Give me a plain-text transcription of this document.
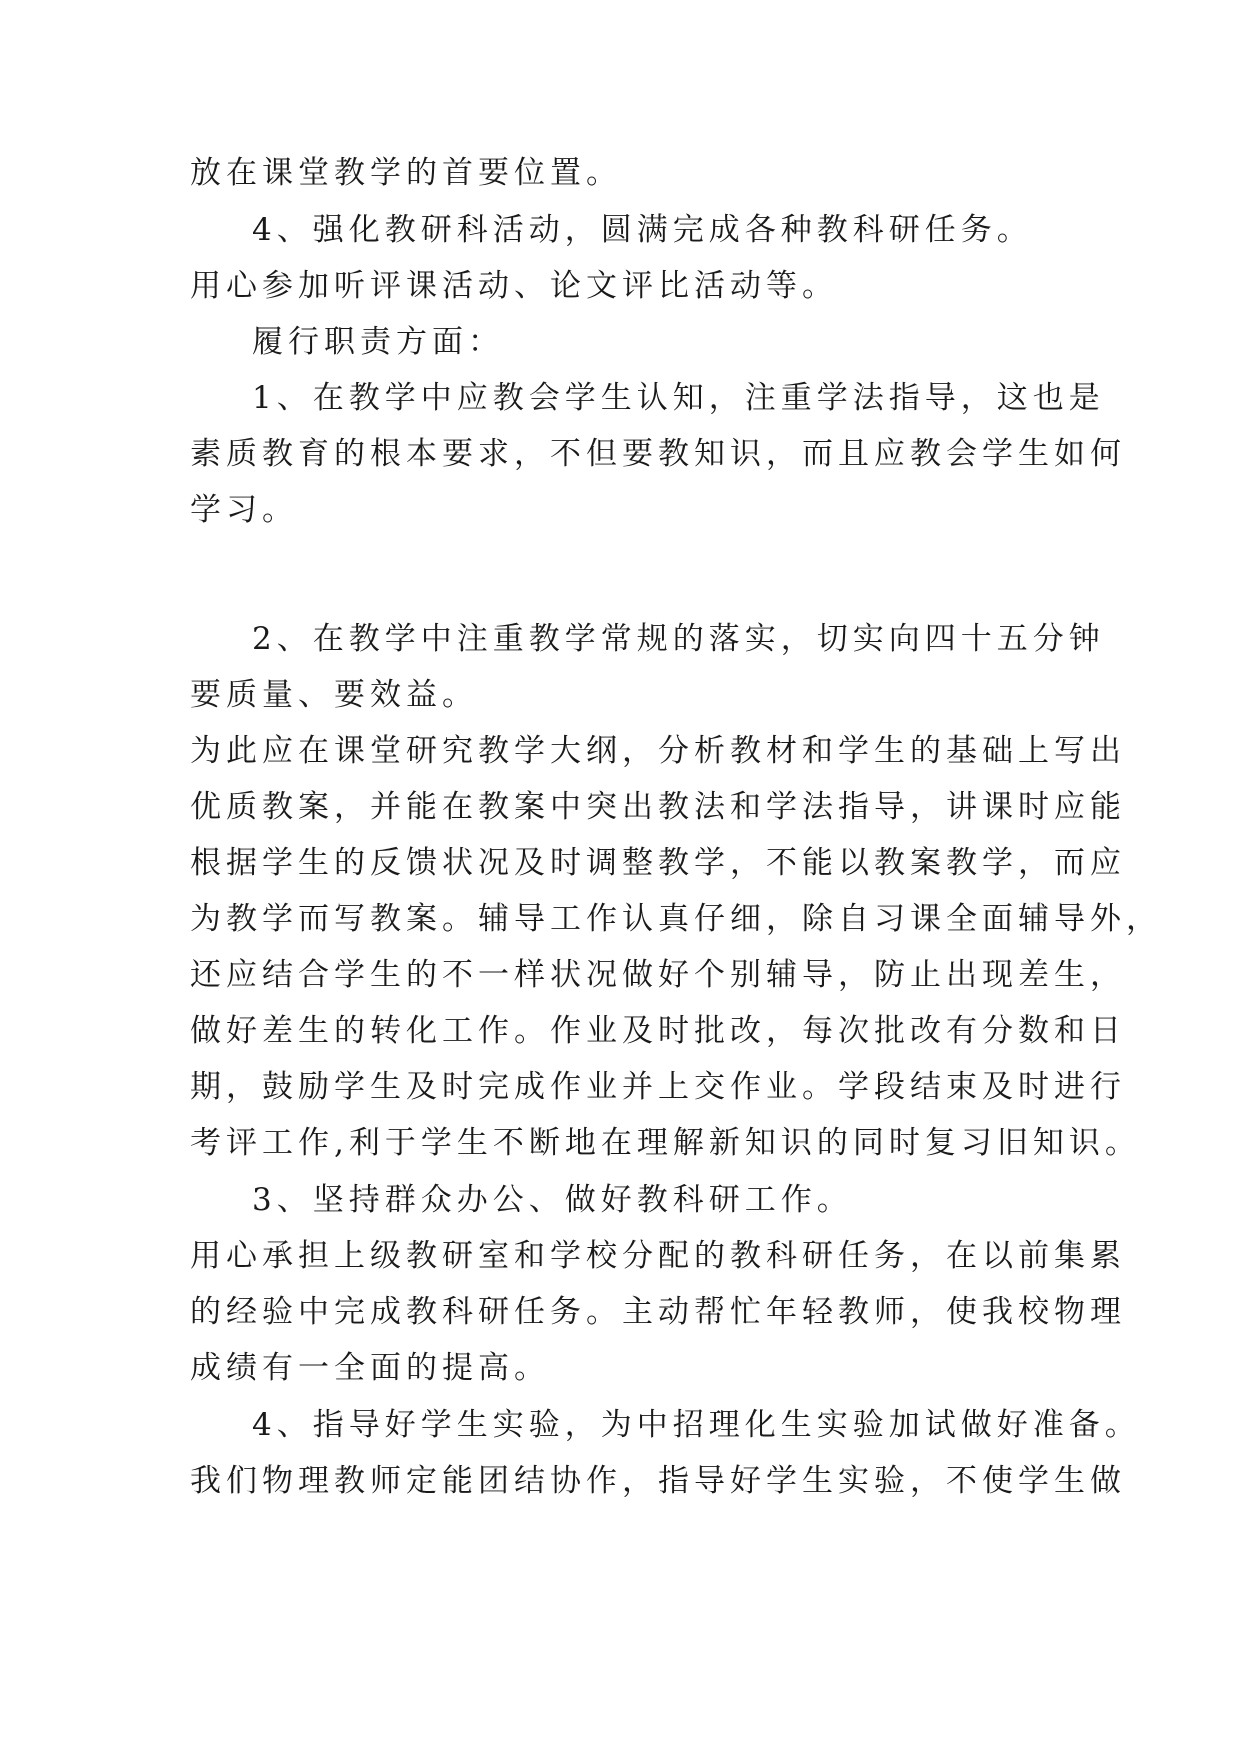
放在课堂教学的首要位置。

4、强化教研科活动，圆满完成各种教科研任务。

用心参加听评课活动、论文评比活动等。

履行职责方面：

1、在教学中应教会学生认知，注重学法指导，这也是

素质教育的根本要求，不但要教知识，而且应教会学生如何

学习。

2、在教学中注重教学常规的落实，切实向四十五分钟

要质量、要效益。

为此应在课堂研究教学大纲，分析教材和学生的基础上写出

优质教案，并能在教案中突出教法和学法指导，讲课时应能

根据学生的反馈状况及时调整教学，不能以教案教学，而应

为教学而写教案。辅导工作认真仔细，除自习课全面辅导外，

还应结合学生的不一样状况做好个别辅导，防止出现差生，

做好差生的转化工作。作业及时批改，每次批改有分数和日

期，鼓励学生及时完成作业并上交作业。学段结束及时进行

考评工作,利于学生不断地在理解新知识的同时复习旧知识。

3、坚持群众办公、做好教科研工作。

用心承担上级教研室和学校分配的教科研任务，在以前集累

的经验中完成教科研任务。主动帮忙年轻教师，使我校物理

成绩有一全面的提高。

4、指导好学生实验，为中招理化生实验加试做好准备。

我们物理教师定能团结协作，指导好学生实验，不使学生做
